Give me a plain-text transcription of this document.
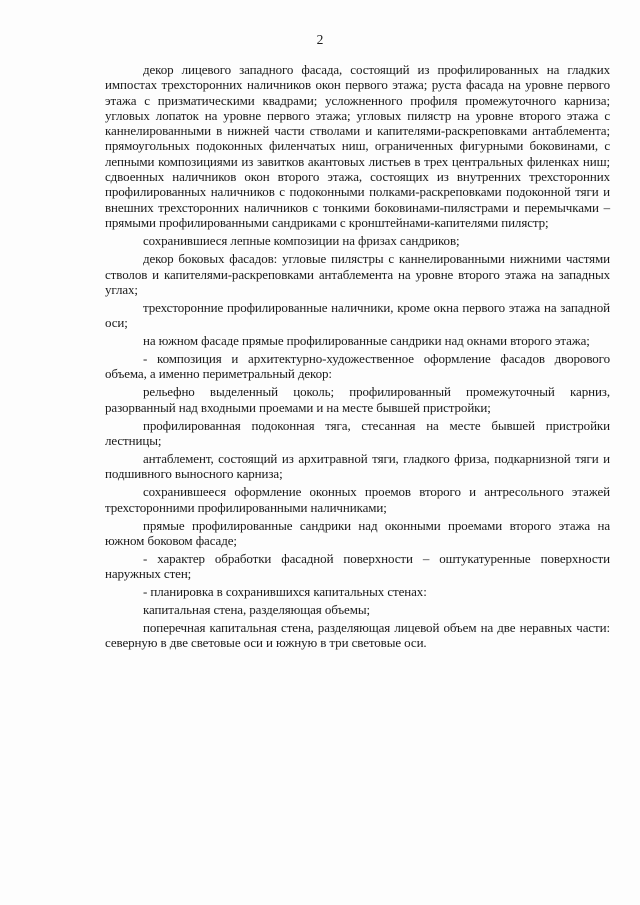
2

декор лицевого западного фасада, состоящий из профилированных на гладких импостах трехсторонних наличников окон первого этажа; руста фасада на уровне первого этажа с призматическими квадрами; усложненного профиля промежуточного карниза; угловых лопаток на уровне первого этажа; угловых пилястр на уровне второго этажа с каннелированными в нижней части стволами и капителями-раскреповками антаблемента; прямоугольных подоконных филенчатых ниш, ограниченных фигурными боковинами, с лепными композициями из завитков акантовых листьев в трех центральных филенках ниш; сдвоенных наличников окон второго этажа, состоящих из внутренних трехсторонних профилированных наличников с подоконными полками-раскреповками подоконной тяги и внешних трехсторонних наличников с тонкими боковинами-пилястрами и перемычками – прямыми профилированными сандриками с кронштейнами-капителями пилястр;

сохранившиеся лепные композиции на фризах сандриков;

декор боковых фасадов: угловые пилястры с каннелированными нижними частями стволов и капителями-раскреповками антаблемента на уровне второго этажа на западных углах;

трехсторонние профилированные наличники, кроме окна первого этажа на западной оси;

на южном фасаде прямые профилированные сандрики над окнами второго этажа;

- композиция и архитектурно-художественное оформление фасадов дворового объема, а именно периметральный декор:

рельефно выделенный цоколь; профилированный промежуточный карниз, разорванный над входными проемами и на месте бывшей пристройки;

профилированная подоконная тяга, стесанная на месте бывшей пристройки лестницы;

антаблемент, состоящий из архитравной тяги, гладкого фриза, подкарнизной тяги и подшивного выносного карниза;

сохранившееся оформление оконных проемов второго и антресольного этажей трехсторонними профилированными наличниками;

прямые профилированные сандрики над оконными проемами второго этажа на южном боковом фасаде;

- характер обработки фасадной поверхности – оштукатуренные поверхности наружных стен;

- планировка в сохранившихся капитальных стенах:

капитальная стена, разделяющая объемы;

поперечная капитальная стена, разделяющая лицевой объем на две неравных части: северную в две световые оси и южную в три световые оси.
